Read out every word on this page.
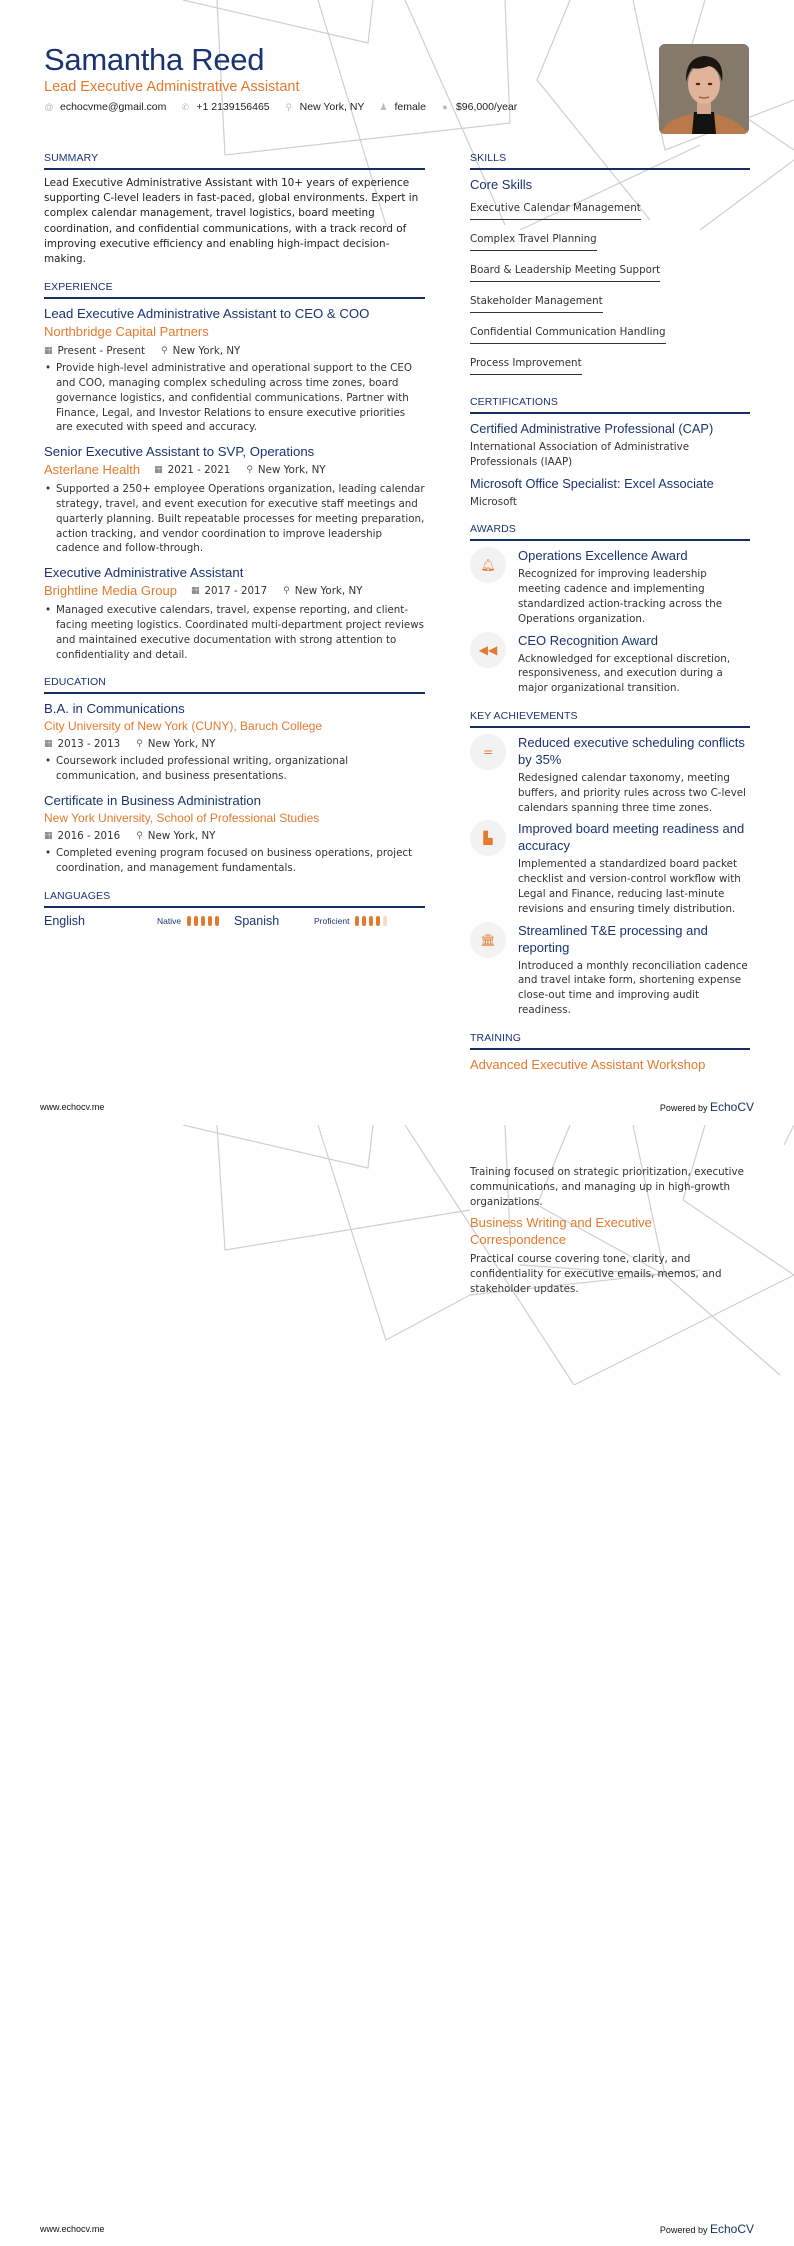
Samantha Reed
Lead Executive Administrative Assistant
@ echocvme@gmail.com ✆ +1 2139156465 ⚲ New York, NY ♟ female ● $96,000/year
SUMMARY

Lead Executive Administrative Assistant with 10+ years of experience supporting C-level leaders in fast-paced, global environments. Expert in complex calendar management, travel logistics, board meeting coordination, and confidential communications, with a track record of improving executive efficiency and enabling high-impact decision-making.

EXPERIENCE
Lead Executive Administrative Assistant to CEO & COO
Northbridge Capital Partners
▦ Present - Present ⚲ New York, NY
• Provide high-level administrative and operational support to the CEO and COO, managing complex scheduling across time zones, board governance logistics, and confidential communications. Partner with Finance, Legal, and Investor Relations to ensure executive priorities are executed with speed and accuracy.
Senior Executive Assistant to SVP, Operations
Asterlane Health ▦ 2021 - 2021 ⚲ New York, NY
• Supported a 250+ employee Operations organization, leading calendar strategy, travel, and event execution for executive staff meetings and quarterly planning. Built repeatable processes for meeting preparation, action tracking, and vendor coordination to improve leadership cadence and follow-through.
Executive Administrative Assistant
Brightline Media Group ▦ 2017 - 2017 ⚲ New York, NY
• Managed executive calendars, travel, expense reporting, and client-facing meeting logistics. Coordinated multi-department project reviews and maintained executive documentation with strong attention to confidentiality and detail.
EDUCATION
B.A. in Communications
City University of New York (CUNY), Baruch College
▦ 2013 - 2013 ⚲ New York, NY
• Coursework included professional writing, organizational communication, and business presentations.
Certificate in Business Administration
New York University, School of Professional Studies
▦ 2016 - 2016 ⚲ New York, NY
• Completed evening program focused on business operations, project coordination, and management fundamentals.
LANGUAGES
English	Native	Spanish	Proficient
SKILLS
Core Skills
Executive Calendar Management
Complex Travel Planning
Board & Leadership Meeting Support
Stakeholder Management
Confidential Communication Handling
Process Improvement
CERTIFICATIONS
Certified Administrative Professional (CAP)
International Association of Administrative Professionals (IAAP)
Microsoft Office Specialist: Excel Associate
Microsoft
AWARDS
🔔︎
Operations Excellence Award
Recognized for improving leadership meeting cadence and implementing standardized action-tracking across the Operations organization.
◀◀
CEO Recognition Award
Acknowledged for exceptional discretion, responsiveness, and execution during a major organizational transition.
KEY ACHIEVEMENTS
=
Reduced executive scheduling conflicts by 35%
Redesigned calendar taxonomy, meeting buffers, and priority rules across two C-level calendars spanning three time zones.
▙
Improved board meeting readiness and accuracy
Implemented a standardized board packet checklist and version-control workflow with Legal and Finance, reducing last-minute revisions and ensuring timely distribution.
🏛︎
Streamlined T&E processing and reporting
Introduced a monthly reconciliation cadence and travel intake form, shortening expense close-out time and improving audit readiness.
TRAINING
Advanced Executive Assistant Workshop
www.echocv.me	Powered by EchoCV
Training focused on strategic prioritization, executive communications, and managing up in high-growth organizations.
Business Writing and Executive Correspondence
Practical course covering tone, clarity, and confidentiality for executive emails, memos, and stakeholder updates.
www.echocv.me	Powered by EchoCV
